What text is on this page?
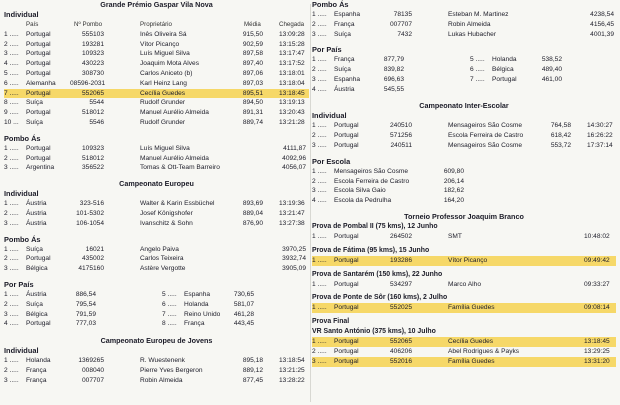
Grande Prémio Gaspar Vila Nova
Individual
País	Nº Pombo	Proprietário	Média	Chegada
1 ..... Portugal	555103	Inês Oliveira Sá	915,50 13:09:28
2 ..... Portugal	193281	Vítor Picanço	902,59 13:15:28
3 ..... Portugal	109323	Luís Miguel Silva	897,58 13:17:47
4 ..... Portugal	430223	Joaquim Mota Alves	897,40 13:17:52
5 ..... Portugal	308730	Carlos Aniceto (b)	897,06 13:18:01
6 ..... Alemanha 08596-2031	Karl Heinz Lang	897,03 13:18:04
7 ..... Portugal	552065	Cecília Guedes	895,51 13:18:45
8 ..... Suíça	5544	Rudolf Grunder	894,50 13:19:13
9 ..... Portugal	518012	Manuel Aurélio Almeida	891,31 13:20:43
10 ... Suíça	5546	Rudolf Grunder	889,74 13:21:28
Pombo Ás
1 ..... Portugal	109323	Luís Miguel Silva	4111,87
2 ..... Portugal	518012	Manuel Aurélio Almeida	4092,96
3 ..... Argentina	356522	Tomas & Ott-Team Barreiro	4056,07
Campeonato Europeu
Individual
1 ..... Áustria	323-516	Walter & Karin Essbüchel	893,69 13:19:36
2 ..... Áustria	101-5302	Josef Königshofer	889,04 13:21:47
3 ..... Áustria	106-1054	Ivanschitz & Sohn	876,90 13:27:38
Pombo Ás
1 ..... Suíça	16021	Angelo Paiva	3970,25
2 ..... Portugal	435002	Carlos Teixeira	3932,74
3 ..... Bélgica	4175160	Astère Vergotte	3905,09
Por País
1 ..... Áustria	886,54
2 ..... Suíça	795,54
3 ..... Bélgica	791,59
4 ..... Portugal	777,03
5 ..... Espanha	730,65
6 ..... Holanda	581,07
7 ..... Reino Unido	461,28
8 ..... França	443,45
Campeonato Europeu de Jovens
Individual
1 ..... Holanda	1369265	R. Wuestenenk	895,18 13:18:54
2 ..... França	008040	Pierre Yves Bergeron	889,12 13:21:25
3 ..... França	007707	Robin Almeida	877,45 13:28:22
Pombo Ás
1 ..... Espanha	78135	Esteban M. Martinez	4238,54
2 ..... França	007707	Robin Almeida	4156,45
3 ..... Suíça	7432	Lukas Hubacher	4001,39
Por País
1 ..... França	877,79
2 ..... Suíça	839,82
3 ..... Espanha	696,63
4 ..... Áustria	545,55
5 ..... Holanda	538,52
6 ..... Bélgica	489,40
7 ..... Portugal	461,00
Campeonato Inter-Escolar
Individual
1 ..... Portugal	240510	Mensageiros São Cosme	764,58 14:30:27
2 ..... Portugal	571256	Escola Ferreira de Castro	618,42 16:26:22
3 ..... Portugal	240511	Mensageiros São Cosme	553,72 17:37:14
Por Escola
1 ..... Mensageiros São Cosme	609,80
2 ..... Escola Ferreira de Castro	206,14
3 ..... Escola Silva Gaio	182,62
4 ..... Escola da Pedrulha	164,20
Torneio Professor Joaquim Branco
Prova de Pombal II (75 kms), 12 Junho
1 ..... Portugal	264502	SMT	10:48:02
Prova de Fátima (95 kms), 15 Junho
1 ..... Portugal	193286	Vítor Picanço	09:49:42
Prova de Santarém (150 kms), 22 Junho
1 ..... Portugal	534297	Marco Alho	09:33:27
Prova de Ponte de Sôr (160 kms), 2 Julho
1 ..... Portugal	552025	Família Guedes	09:08:14
Prova Final
VR Santo António (375 kms), 10 Julho
1 ..... Portugal	552065	Cecília Guedes	13:18:45
2 ..... Portugal	406206	Abel Rodrigues & Payks	13:29:25
3 ..... Portugal	552016	Família Guedes	13:31:20
